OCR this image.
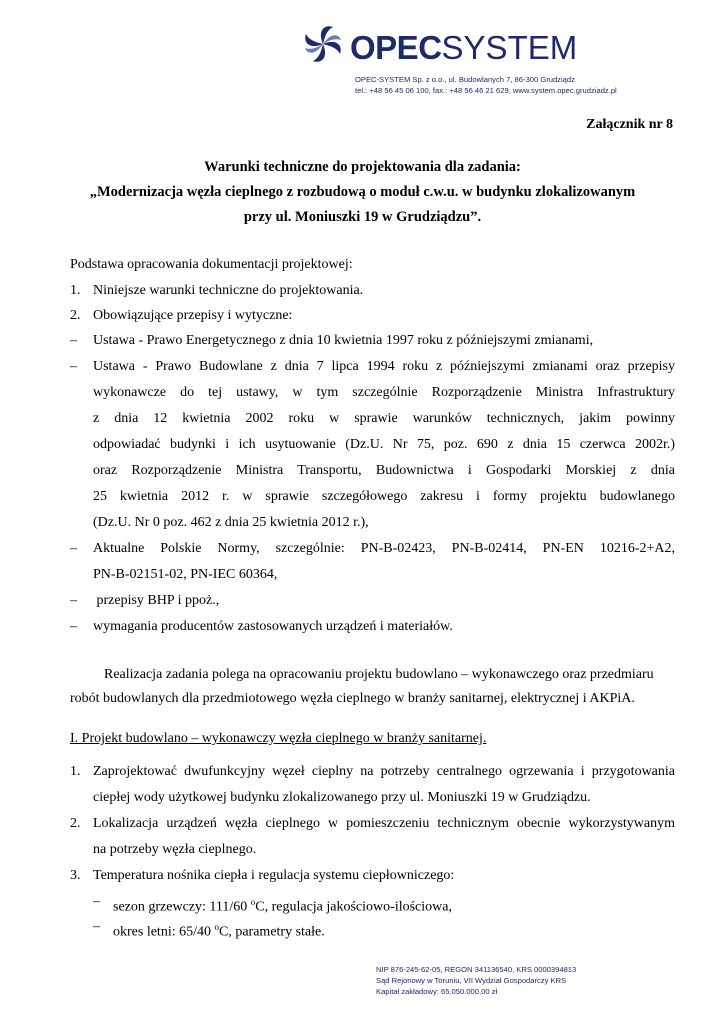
OPECSYSTEM
OPEC-SYSTEM Sp. z o.o., ul. Budowlanych 7, 86-300 Grudziądz
tel.: +48 56 45 06 100, fax.: +48 56 46 21 629, www.system.opec.grudziadz.pl
Załącznik nr 8
Warunki techniczne do projektowania dla zadania:
„Modernizacja węzła cieplnego z rozbudową o moduł c.w.u. w budynku zlokalizowanym
przy ul. Moniuszki 19 w Grudziądzu”.
Podstawa opracowania dokumentacji projektowej:
1. Niniejsze warunki techniczne do projektowania.
2. Obowiązujące przepisy i wytyczne:
– Ustawa - Prawo Energetycznego z dnia 10 kwietnia 1997 roku z późniejszymi zmianami,
– Ustawa - Prawo Budowlane z dnia 7 lipca 1994 roku z późniejszymi zmianami oraz przepisy
wykonawcze do tej ustawy, w tym szczególnie Rozporządzenie Ministra Infrastruktury
z dnia 12 kwietnia 2002 roku w sprawie warunków technicznych, jakim powinny
odpowiadać budynki i ich usytuowanie (Dz.U. Nr 75, poz. 690 z dnia 15 czerwca 2002r.)
oraz Rozporządzenie Ministra Transportu, Budownictwa i Gospodarki Morskiej z dnia
25 kwietnia 2012 r. w sprawie szczegółowego zakresu i formy projektu budowlanego
(Dz.U. Nr 0 poz. 462 z dnia 25 kwietnia 2012 r.),
– Aktualne Polskie Normy, szczególnie: PN-B-02423, PN-B-02414, PN-EN 10216-2+A2,
PN-B-02151-02, PN-IEC 60364,
– przepisy BHP i ppoż.,
– wymagania producentów zastosowanych urządzeń i materiałów.
Realizacja zadania polega na opracowaniu projektu budowlano – wykonawczego oraz przedmiaru
robót budowlanych dla przedmiotowego węzła cieplnego w branży sanitarnej, elektrycznej i AKPiA.
I. Projekt budowlano – wykonawczy węzła cieplnego w branży sanitarnej.
1. Zaprojektować dwufunkcyjny węzeł cieplny na potrzeby centralnego ogrzewania i przygotowania
ciepłej wody użytkowej budynku zlokalizowanego przy ul. Moniuszki 19 w Grudziądzu.
2. Lokalizacja urządzeń węzła cieplnego w pomieszczeniu technicznym obecnie wykorzystywanym
na potrzeby węzła cieplnego.
3. Temperatura nośnika ciepła i regulacja systemu ciepłowniczego:
– sezon grzewczy: 111/60 $^o$C, regulacja jakościowo-ilościowa,
– okres letni: 65/40 $^o$C, parametry stałe.
NIP 876-245-62-05, REGON 341136540, KRS 0000394813
Sąd Rejonowy w Toruniu, VII Wydział Gospodarczy KRS
Kapitał zakładowy: 65.050.000,00 zł
